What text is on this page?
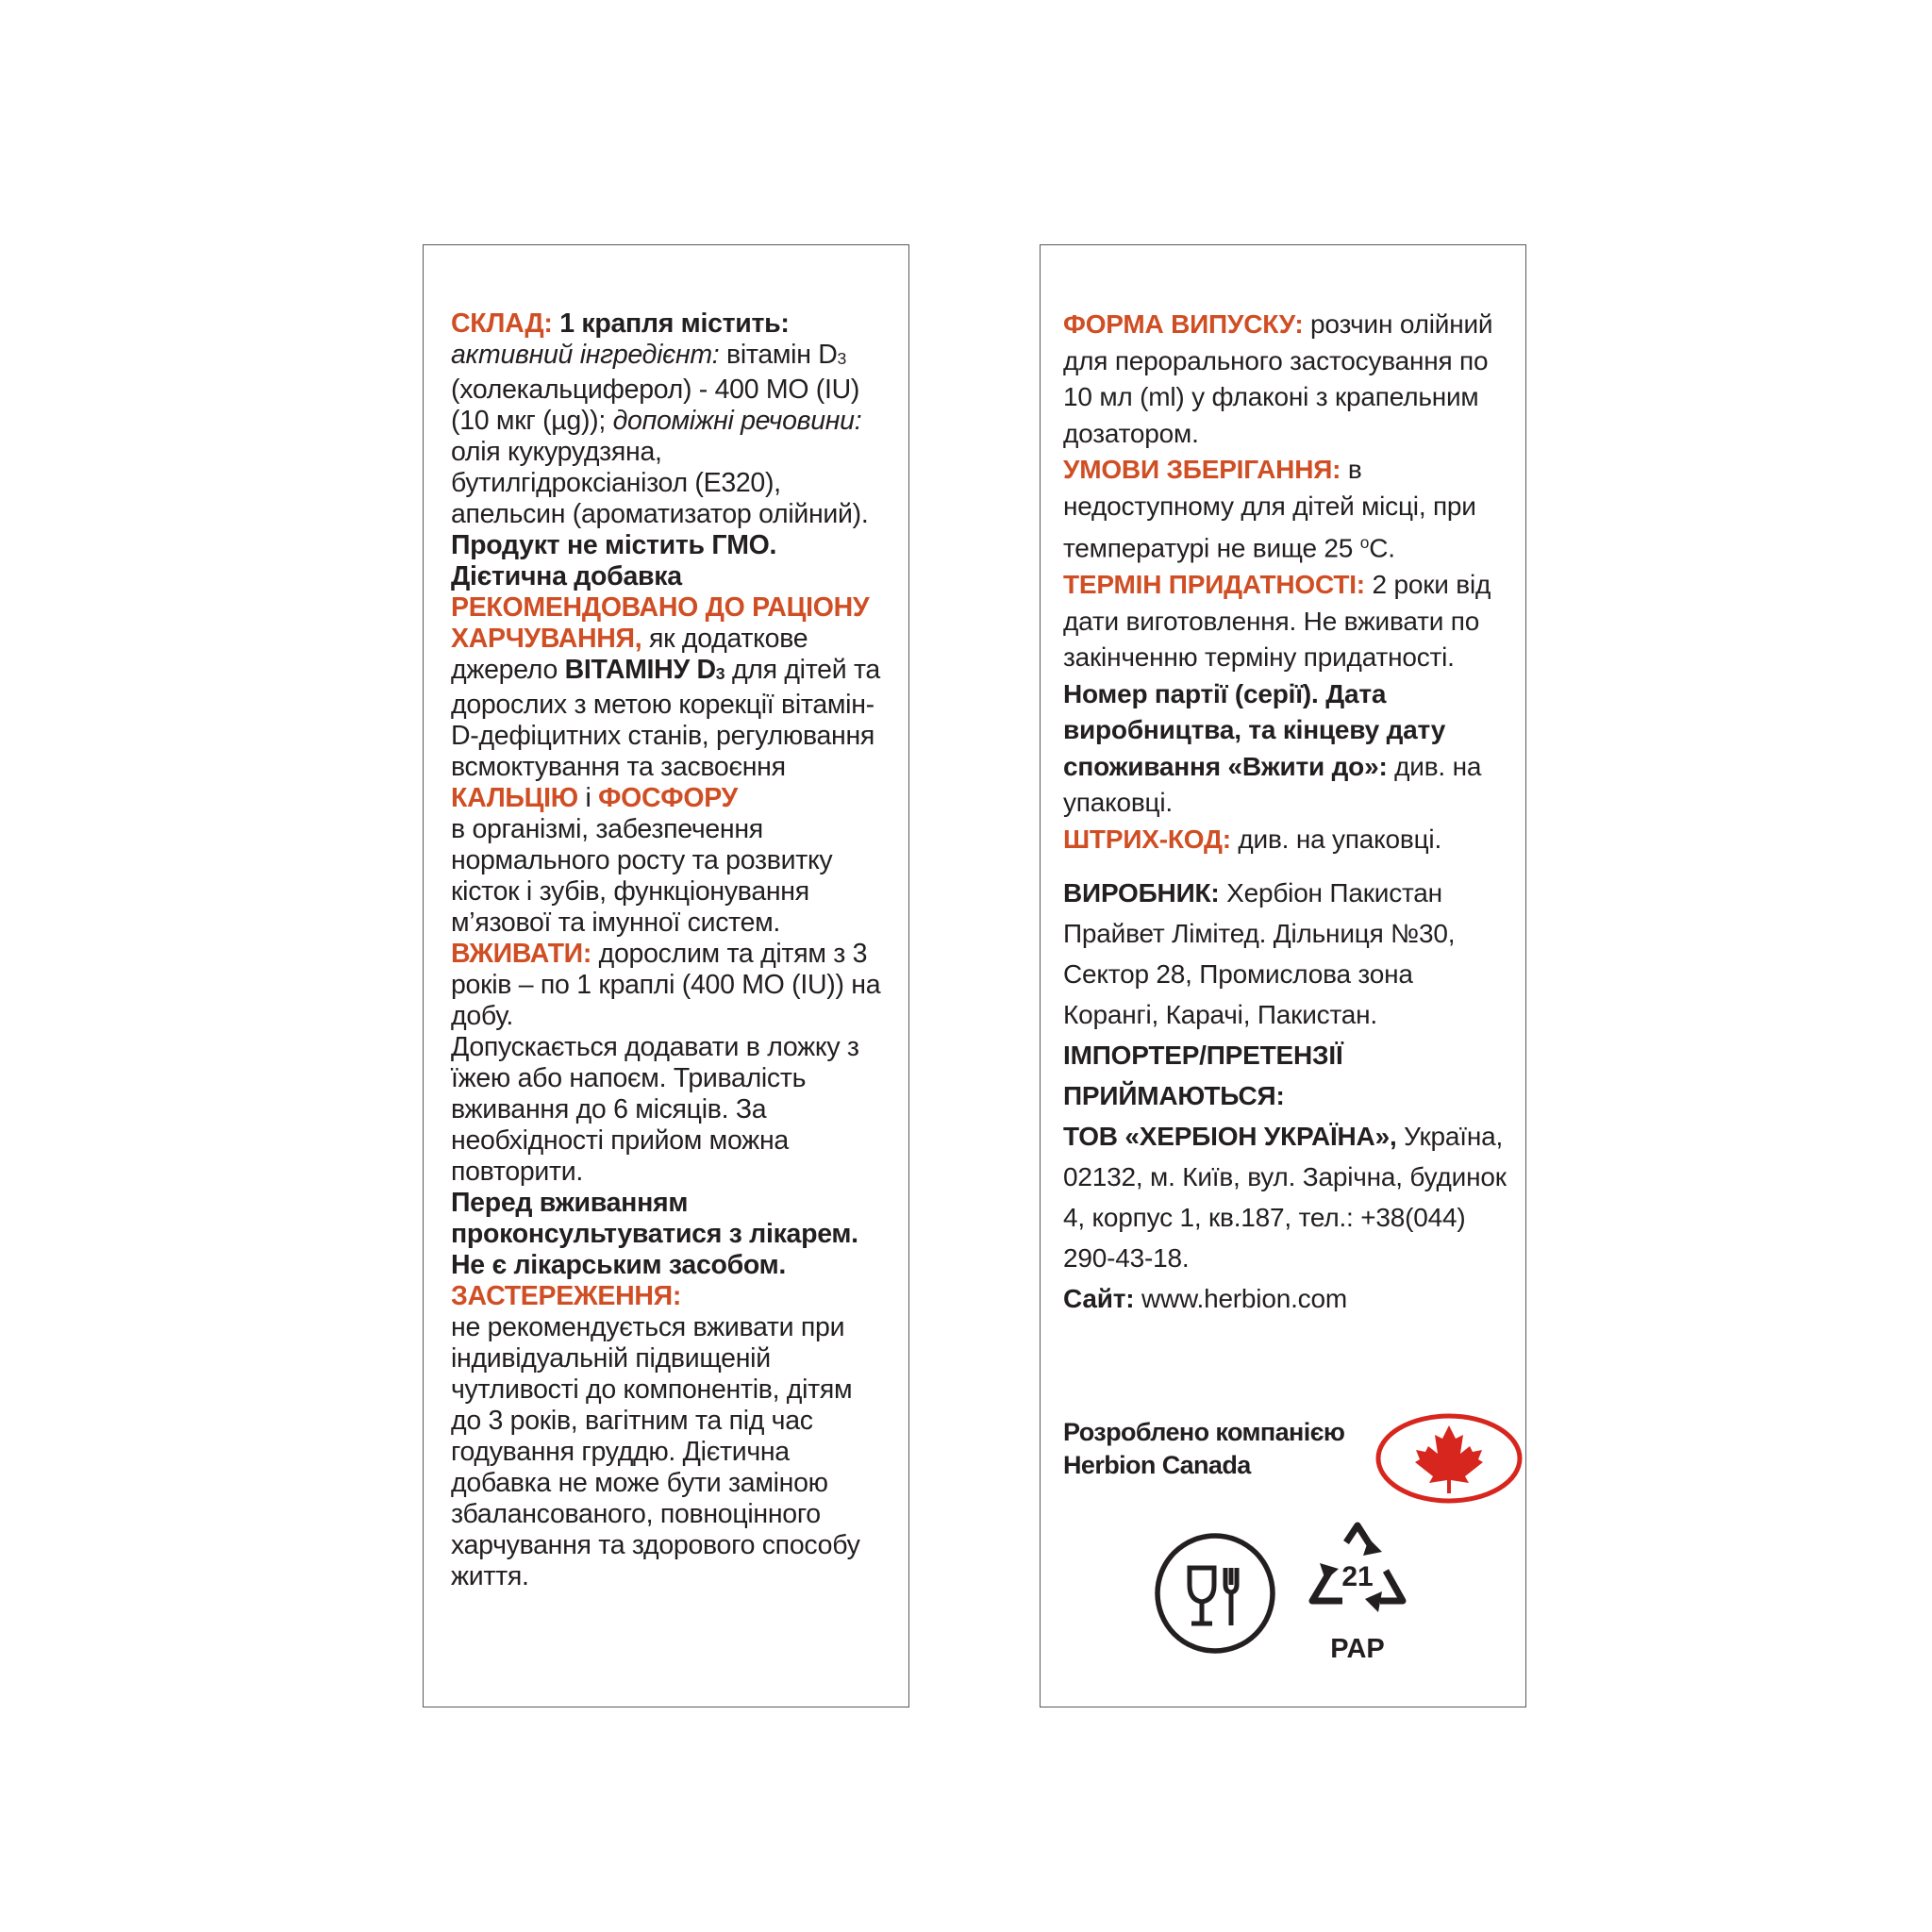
СКЛАД: 1 крапля містить:
активний інгредієнт: вітамін D3 (холекальциферол) - 400 МО (IU) (10 мкг (µg)); допоміжні речовини: олія кукурудзяна, бутилгідроксіанізол (Е320), апельсин (ароматизатор олійний).

Продукт не містить ГМО.

Дієтична добавка

РЕКОМЕНДОВАНО ДО РАЦІОНУ ХАРЧУВАННЯ, як додаткове джерело ВІТАМІНУ D3 для дітей та дорослих з метою корекції вітамін-D-дефіцитних станів, регулювання всмоктування та засвоєння

КАЛЬЦІЮ і ФОСФОРУ

в організмі, забезпечення нормального росту та розвитку кісток і зубів, функціонування м’язової та імунної систем.

ВЖИВАТИ: дорослим та дітям з 3 років – по 1 краплі (400 МО (IU)) на добу.

Допускається додавати в ложку з їжею або напоєм. Тривалість вживання до 6 місяців. За необхідності прийом можна повторити.

Перед вживанням проконсультуватися з лікарем.

Не є лікарським засобом.

ЗАСТЕРЕЖЕННЯ:

не рекомендується вживати при індивідуальній підвищеній чутливості до компонентів, дітям до 3 років, вагітним та під час годування груддю. Дієтична добавка не може бути заміною збалансованого, повноцінного харчування та здорового способу життя.

ФОРМА ВИПУСКУ: розчин олійний для перорального застосування по 10 мл (ml) у флаконі з крапельним дозатором.

УМОВИ ЗБЕРІГАННЯ: в недоступному для дітей місці, при температурі не вище 25 $^o$С.

ТЕРМІН ПРИДАТНОСТІ: 2 роки від дати виготовлення. Не вживати по закінченню терміну придатності.

Номер партії (серії). Дата виробництва, та кінцеву дату споживання «Вжити до»: див. на упаковці.

ШТРИХ-КОД: див. на упаковці.

ВИРОБНИК: Хербіон Пакистан Прайвет Лімітед. Дільниця №30, Сектор 28, Промислова зона Корангі, Карачі, Пакистан.

ІМПОРТЕР/ПРЕТЕНЗІЇ ПРИЙМАЮТЬСЯ:

ТОВ «ХЕРБІОН УКРАЇНА», Україна, 02132, м. Київ, вул. Зарічна, будинок 4, корпус 1, кв.187, тел.: +38(044) 290-43-18.

Сайт: www.herbion.com

Розроблено компанією
Herbion Canada
21
PAP
